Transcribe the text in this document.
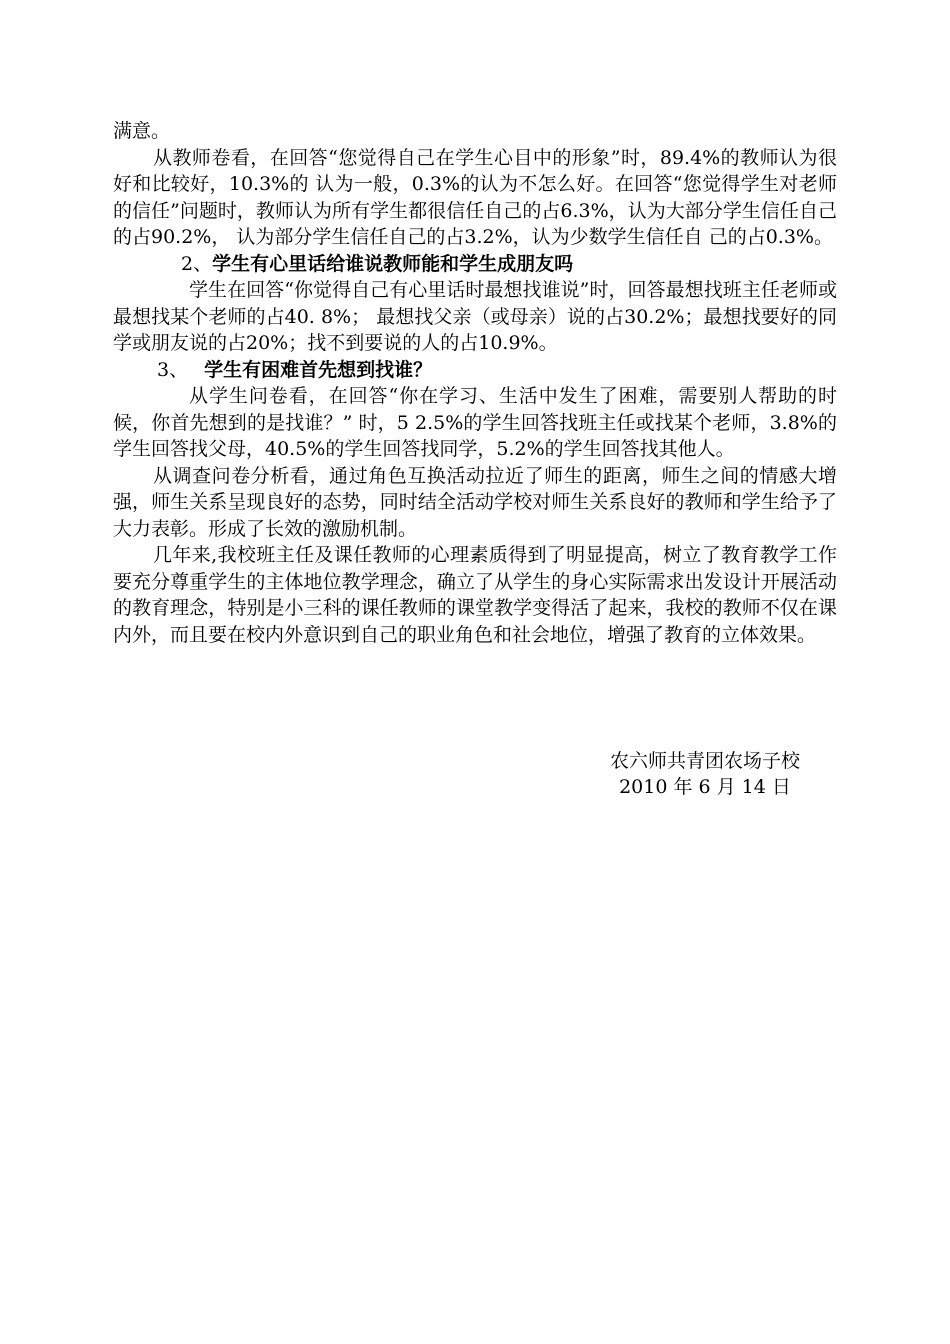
满意。

从教师卷看，在回答“您觉得自己在学生心目中的形象”时，89.4%的教师认为很好和比较好，10.3%的 认为一般，0.3%的认为不怎么好。在回答“您觉得学生对老师的信任”问题时，教师认为所有学生都很信任自己的占6.3%，认为大部分学生信任自己的占90.2%， 认为部分学生信任自己的占3.2%，认为少数学生信任自 己的占0.3%。

2、学生有心里话给谁说教师能和学生成朋友吗

学生在回答“你觉得自己有心里话时最想找谁说”时，回答最想找班主任老师或最想找某个老师的占40. 8%； 最想找父亲（或母亲）说的占30.2%；最想找要好的同学或朋友说的占20%；找不到要说的人的占10.9%。

3、 学生有困难首先想到找谁？

从学生问卷看，在回答“你在学习、生活中发生了困难，需要别人帮助的时候，你首先想到的是找谁？” 时，5 2.5%的学生回答找班主任或找某个老师，3.8%的学生回答找父母，40.5%的学生回答找同学，5.2%的学生回答找其他人。

从调查问卷分析看，通过角色互换活动拉近了师生的距离，师生之间的情感大增强，师生关系呈现良好的态势，同时结全活动学校对师生关系良好的教师和学生给予了大力表彰。形成了长效的激励机制。

几年来,我校班主任及课任教师的心理素质得到了明显提高，树立了教育教学工作要充分尊重学生的主体地位教学理念，确立了从学生的身心实际需求出发设计开展活动的教育理念，特别是小三科的课任教师的课堂教学变得活了起来，我校的教师不仅在课内外，而且要在校内外意识到自己的职业角色和社会地位，增强了教育的立体效果。

农六师共青团农场子校
2010 年 6 月 14 日
